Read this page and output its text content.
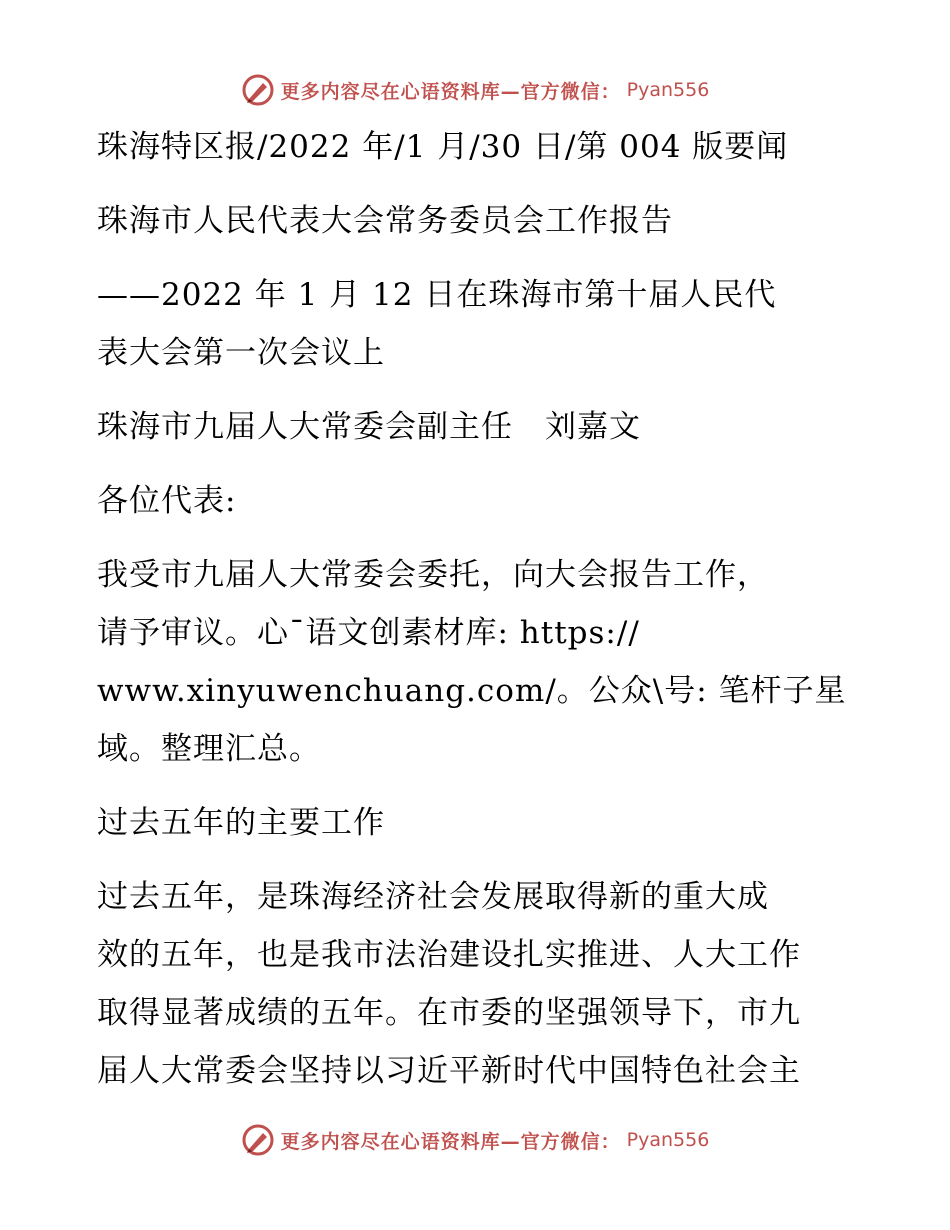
更多内容尽在心语资料库—官方微信： Pyan556
珠海特区报/2022 年/1 月/30 日/第 004 版要闻
珠海市人民代表大会常务委员会工作报告
——2022 年 1 月 12 日在珠海市第十届人民代
表大会第一次会议上
珠海市九届人大常委会副主任　刘嘉文
各位代表:
我受市九届人大常委会委托，向大会报告工作，
请予审议。心¯语文创素材库: https://
www.xinyuwenchuang.com/。公众\号: 笔杆子星
域。整理汇总。
过去五年的主要工作
过去五年，是珠海经济社会发展取得新的重大成
效的五年，也是我市法治建设扎实推进、人大工作
取得显著成绩的五年。在市委的坚强领导下，市九
届人大常委会坚持以习近平新时代中国特色社会主
更多内容尽在心语资料库—官方微信： Pyan556
